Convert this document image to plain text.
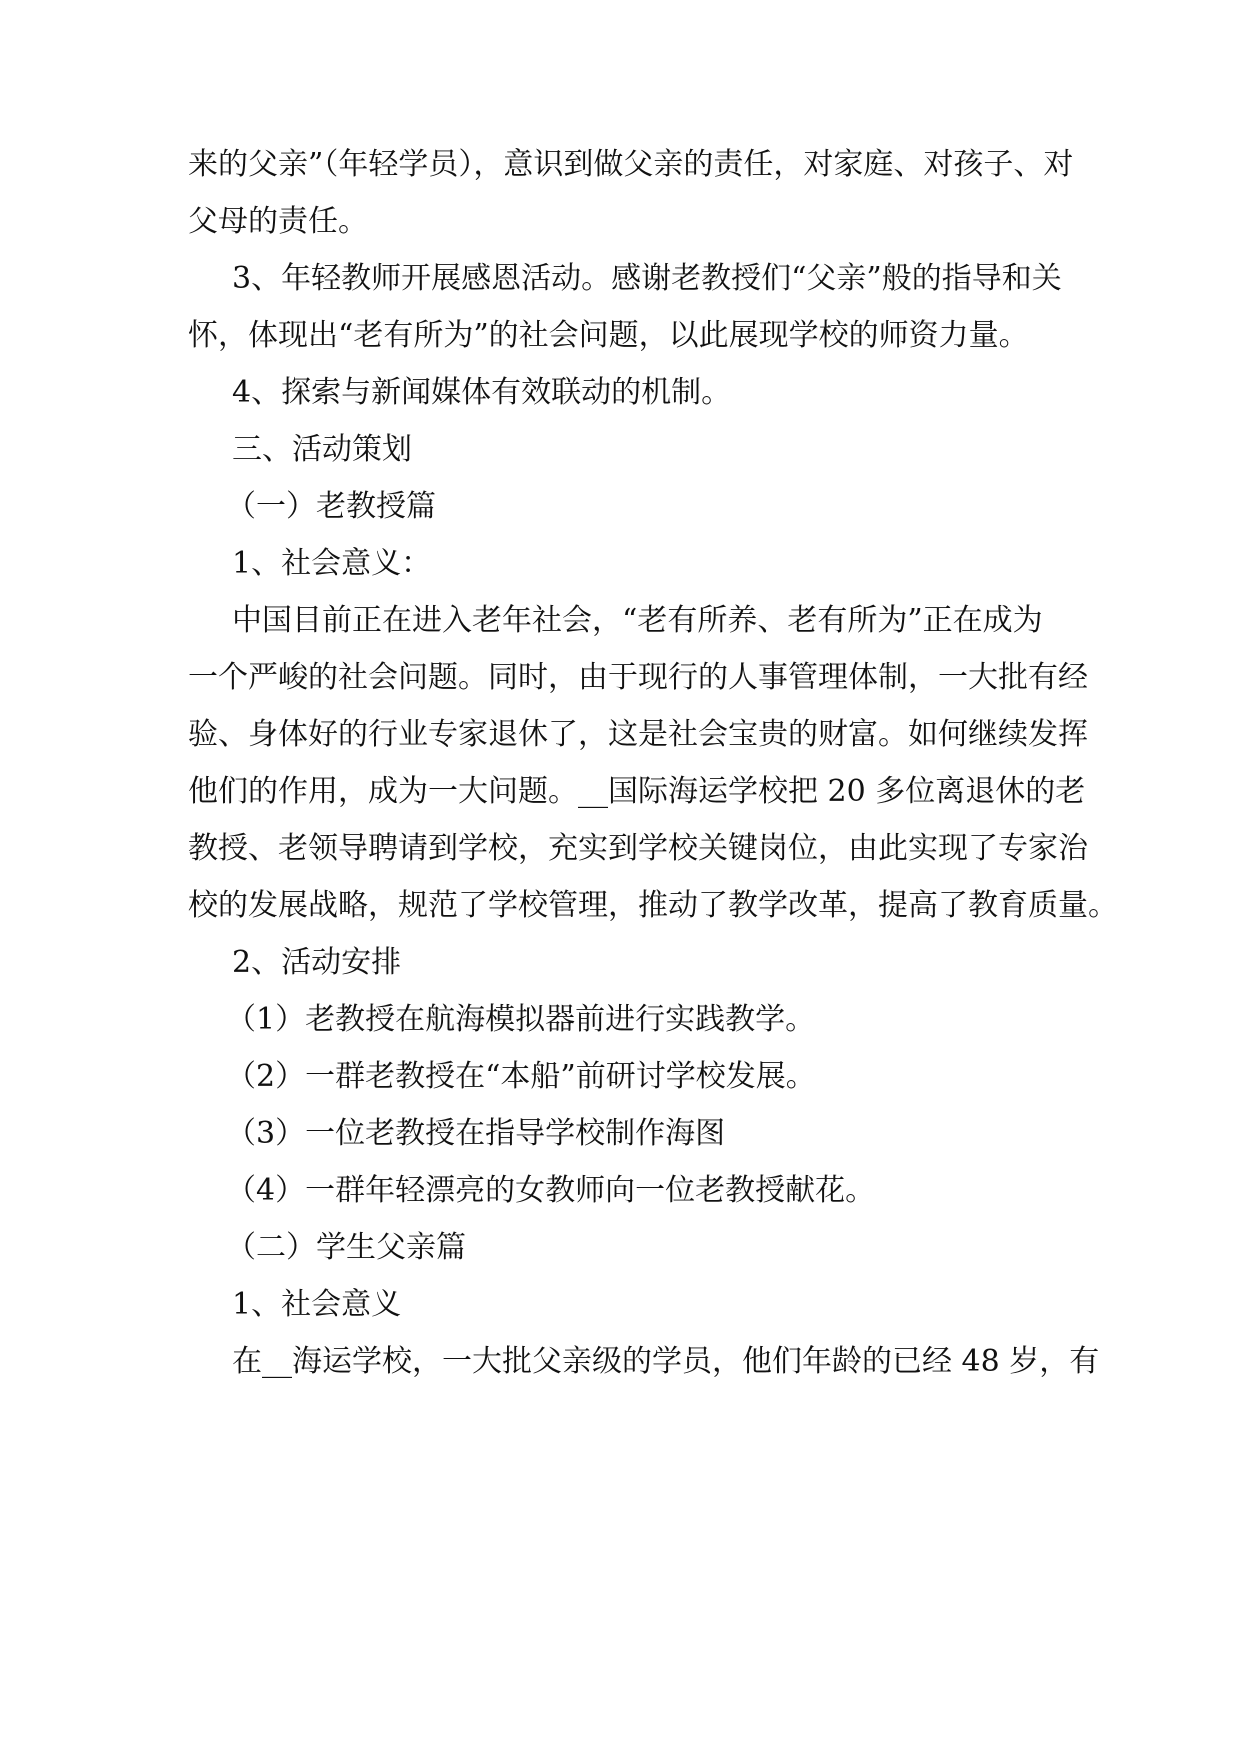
来的父亲”（年轻学员），意识到做父亲的责任，对家庭、对孩子、对
父母的责任。
3、年轻教师开展感恩活动。感谢老教授们“父亲”般的指导和关
怀，体现出“老有所为”的社会问题，以此展现学校的师资力量。
4、探索与新闻媒体有效联动的机制。
三、活动策划
（一）老教授篇
1、社会意义：
中国目前正在进入老年社会，“老有所养、老有所为”正在成为
一个严峻的社会问题。同时，由于现行的人事管理体制，一大批有经
验、身体好的行业专家退休了，这是社会宝贵的财富。如何继续发挥
他们的作用，成为一大问题。__国际海运学校把 20 多位离退休的老
教授、老领导聘请到学校，充实到学校关键岗位，由此实现了专家治
校的发展战略，规范了学校管理，推动了教学改革，提高了教育质量。
2、活动安排
（1）老教授在航海模拟器前进行实践教学。
（2）一群老教授在“本船”前研讨学校发展。
（3）一位老教授在指导学校制作海图
（4）一群年轻漂亮的女教师向一位老教授献花。
（二）学生父亲篇
1、社会意义
在__海运学校，一大批父亲级的学员，他们年龄的已经 48 岁，有
